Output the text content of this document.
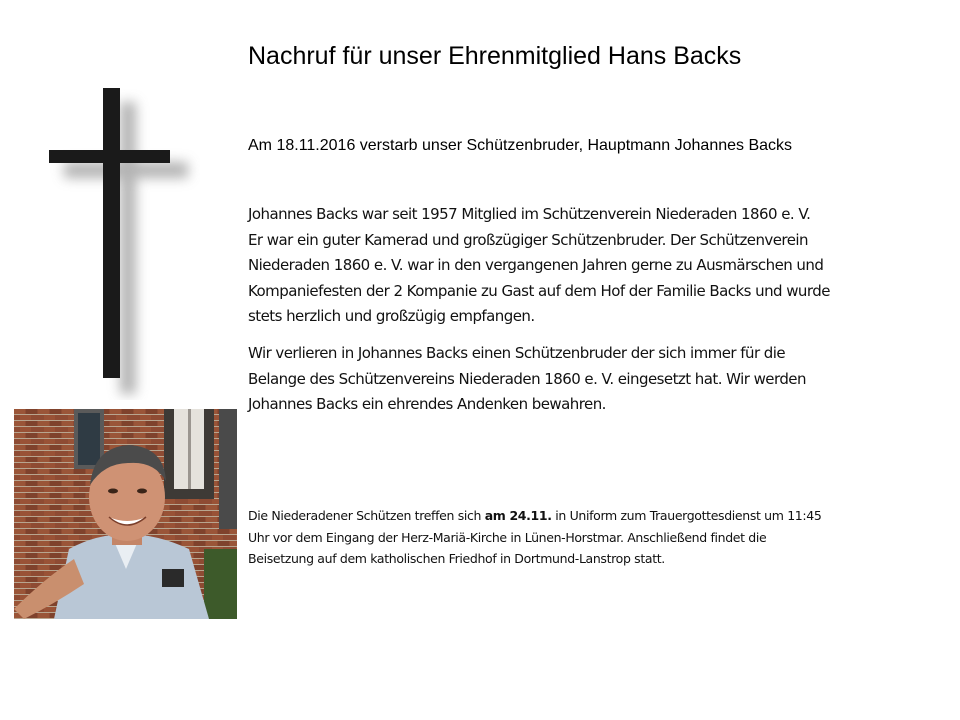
Nachruf für unser Ehrenmitglied Hans Backs
Am 18.11.2016 verstarb unser Schützenbruder, Hauptmann Johannes Backs
Johannes Backs war seit 1957 Mitglied im Schützenverein Niederaden 1860 e. V.
Er war ein guter Kamerad und großzügiger Schützenbruder. Der Schützenverein
Niederaden 1860 e. V. war in den vergangenen Jahren gerne zu Ausmärschen und
Kompaniefesten der 2 Kompanie zu Gast auf dem Hof der Familie Backs und wurde
stets herzlich und großzügig empfangen.
Wir verlieren in Johannes Backs einen Schützenbruder der sich immer für die
Belange des Schützenvereins Niederaden 1860 e. V. eingesetzt hat. Wir werden
Johannes Backs ein ehrendes Andenken bewahren.
Die Niederadener Schützen treffen sich am 24.11. in Uniform zum Trauergottesdienst um 11:45
Uhr vor dem Eingang der Herz-Mariä-Kirche in Lünen-Horstmar. Anschließend findet die
Beisetzung auf dem katholischen Friedhof in Dortmund-Lanstrop statt.
